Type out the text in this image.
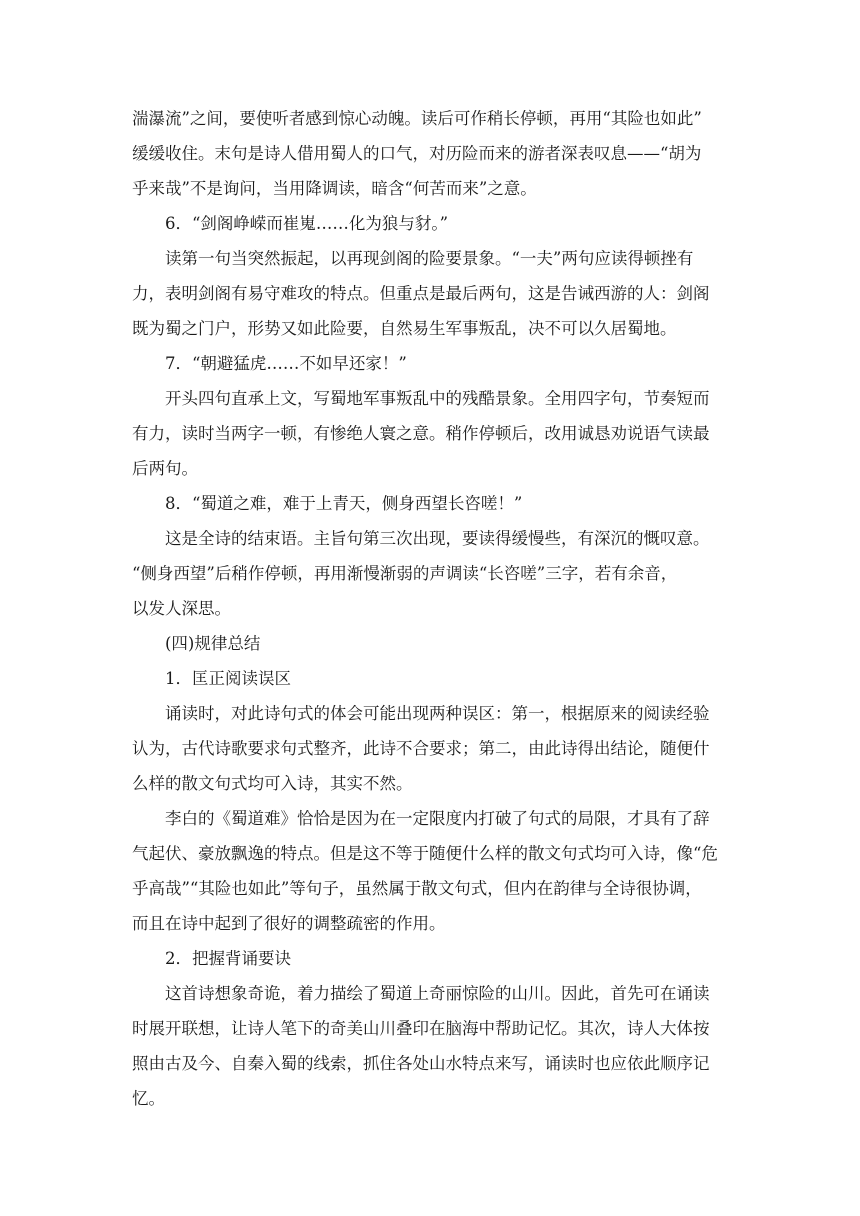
湍瀑流”之间，要使听者感到惊心动魄。读后可作稍长停顿，再用“其险也如此”

缓缓收住。末句是诗人借用蜀人的口气，对历险而来的游者深表叹息——“胡为

乎来哉”不是询问，当用降调读，暗含“何苦而来”之意。

6．“剑阁峥嵘而崔嵬……化为狼与豺。”

读第一句当突然振起，以再现剑阁的险要景象。“一夫”两句应读得顿挫有

力，表明剑阁有易守难攻的特点。但重点是最后两句，这是告诫西游的人：剑阁

既为蜀之门户，形势又如此险要，自然易生军事叛乱，决不可以久居蜀地。

7．“朝避猛虎……不如早还家！”

开头四句直承上文，写蜀地军事叛乱中的残酷景象。全用四字句，节奏短而

有力，读时当两字一顿，有惨绝人寰之意。稍作停顿后，改用诚恳劝说语气读最

后两句。

8．“蜀道之难，难于上青天，侧身西望长咨嗟！”

这是全诗的结束语。主旨句第三次出现，要读得缓慢些，有深沉的慨叹意。

“侧身西望”后稍作停顿，再用渐慢渐弱的声调读“长咨嗟”三字，若有余音，

以发人深思。

(四)规律总结

1．匡正阅读误区

诵读时，对此诗句式的体会可能出现两种误区：第一，根据原来的阅读经验

认为，古代诗歌要求句式整齐，此诗不合要求；第二，由此诗得出结论，随便什

么样的散文句式均可入诗，其实不然。

李白的《蜀道难》恰恰是因为在一定限度内打破了句式的局限，才具有了辞

气起伏、豪放飘逸的特点。但是这不等于随便什么样的散文句式均可入诗，像“危

乎高哉”“其险也如此”等句子，虽然属于散文句式，但内在韵律与全诗很协调，

而且在诗中起到了很好的调整疏密的作用。

2．把握背诵要诀

这首诗想象奇诡，着力描绘了蜀道上奇丽惊险的山川。因此，首先可在诵读

时展开联想，让诗人笔下的奇美山川叠印在脑海中帮助记忆。其次，诗人大体按

照由古及今、自秦入蜀的线索，抓住各处山水特点来写，诵读时也应依此顺序记

忆。
